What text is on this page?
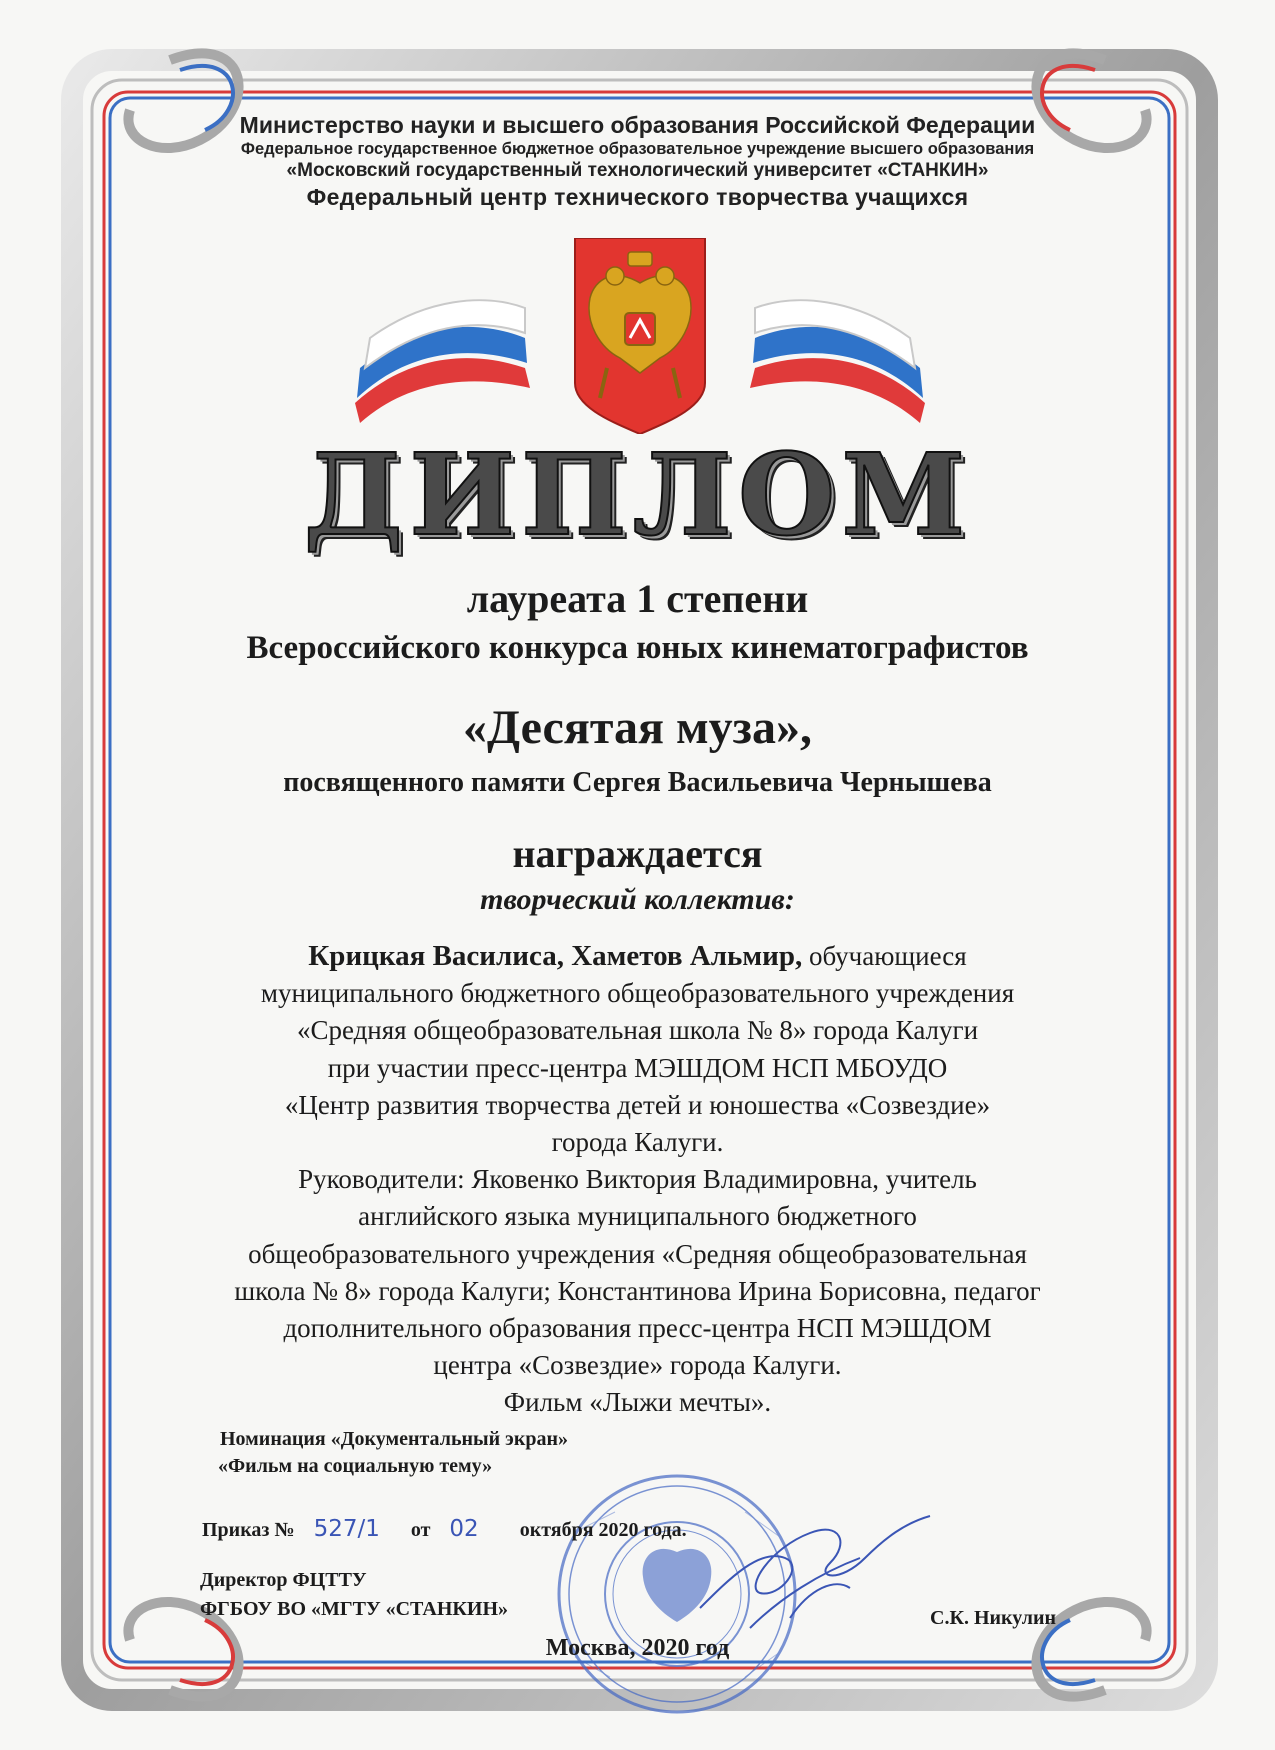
Министерство науки и высшего образования Российской Федерации
Федеральное государственное бюджетное образовательное учреждение высшего образования
«Московский государственный технологический университет «СТАНКИН»
Федеральный центр технического творчества учащихся
ДИПЛОМ
лауреата 1 степени
Всероссийского конкурса юных кинематографистов
«Десятая муза»,
посвященного памяти Сергея Васильевича Чернышева
награждается
творческий коллектив:
Крицкая Василиса, Хаметов Альмир, обучающиеся
муниципального бюджетного общеобразовательного учреждения
«Средняя общеобразовательная школа № 8» города Калуги
при участии пресс-центра МЭШДОМ НСП МБОУДО
«Центр развития творчества детей и юношества «Созвездие»
города Калуги.
Руководители: Яковенко Виктория Владимировна, учитель
английского языка муниципального бюджетного
общеобразовательного учреждения «Средняя общеобразовательная
школа № 8» города Калуги; Константинова Ирина Борисовна, педагог
дополнительного образования пресс-центра НСП МЭШДОМ
центра «Созвездие» города Калуги.
Фильм «Лыжи мечты».
Номинация «Документальный экран»
«Фильм на социальную тему»
Приказ № 527/1 от 02 октября 2020 года.
Директор ФЦТТУ
ФГБОУ ВО «МГТУ «СТАНКИН»	С.К. Никулин
Москва, 2020 год
